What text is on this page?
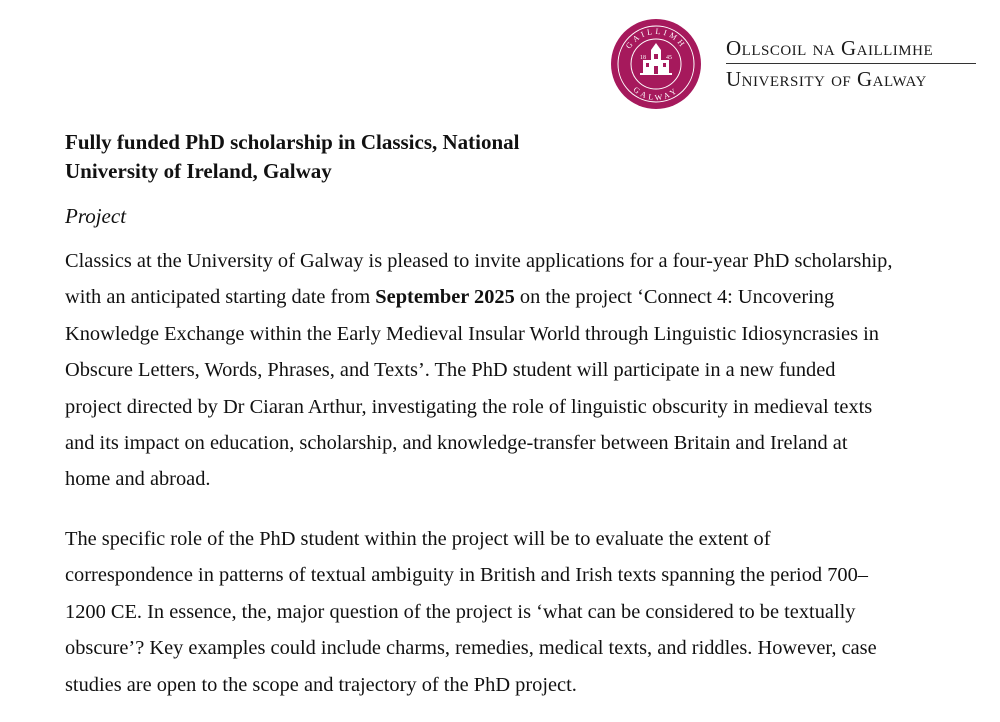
GAILLIMH
GALWAY
18	45	Ollscoil na Gaillimhe
University of Galway
Fully funded PhD scholarship in Classics, National University of Ireland, Galway

Project

Classics at the University of Galway is pleased to invite applications for a four-year PhD scholarship, with an anticipated starting date from September 2025 on the project ‘Connect 4: Uncovering Knowledge Exchange within the Early Medieval Insular World through Linguistic Idiosyncrasies in Obscure Letters, Words, Phrases, and Texts’. The PhD student will participate in a new funded project directed by Dr Ciaran Arthur, investigating the role of linguistic obscurity in medieval texts and its impact on education, scholarship, and knowledge-transfer between Britain and Ireland at home and abroad.

The specific role of the PhD student within the project will be to evaluate the extent of correspondence in patterns of textual ambiguity in British and Irish texts spanning the period 700–1200 CE. In essence, the, major question of the project is ‘what can be considered to be textually obscure’? Key examples could include charms, remedies, medical texts, and riddles. However, case studies are open to the scope and trajectory of the PhD project.
